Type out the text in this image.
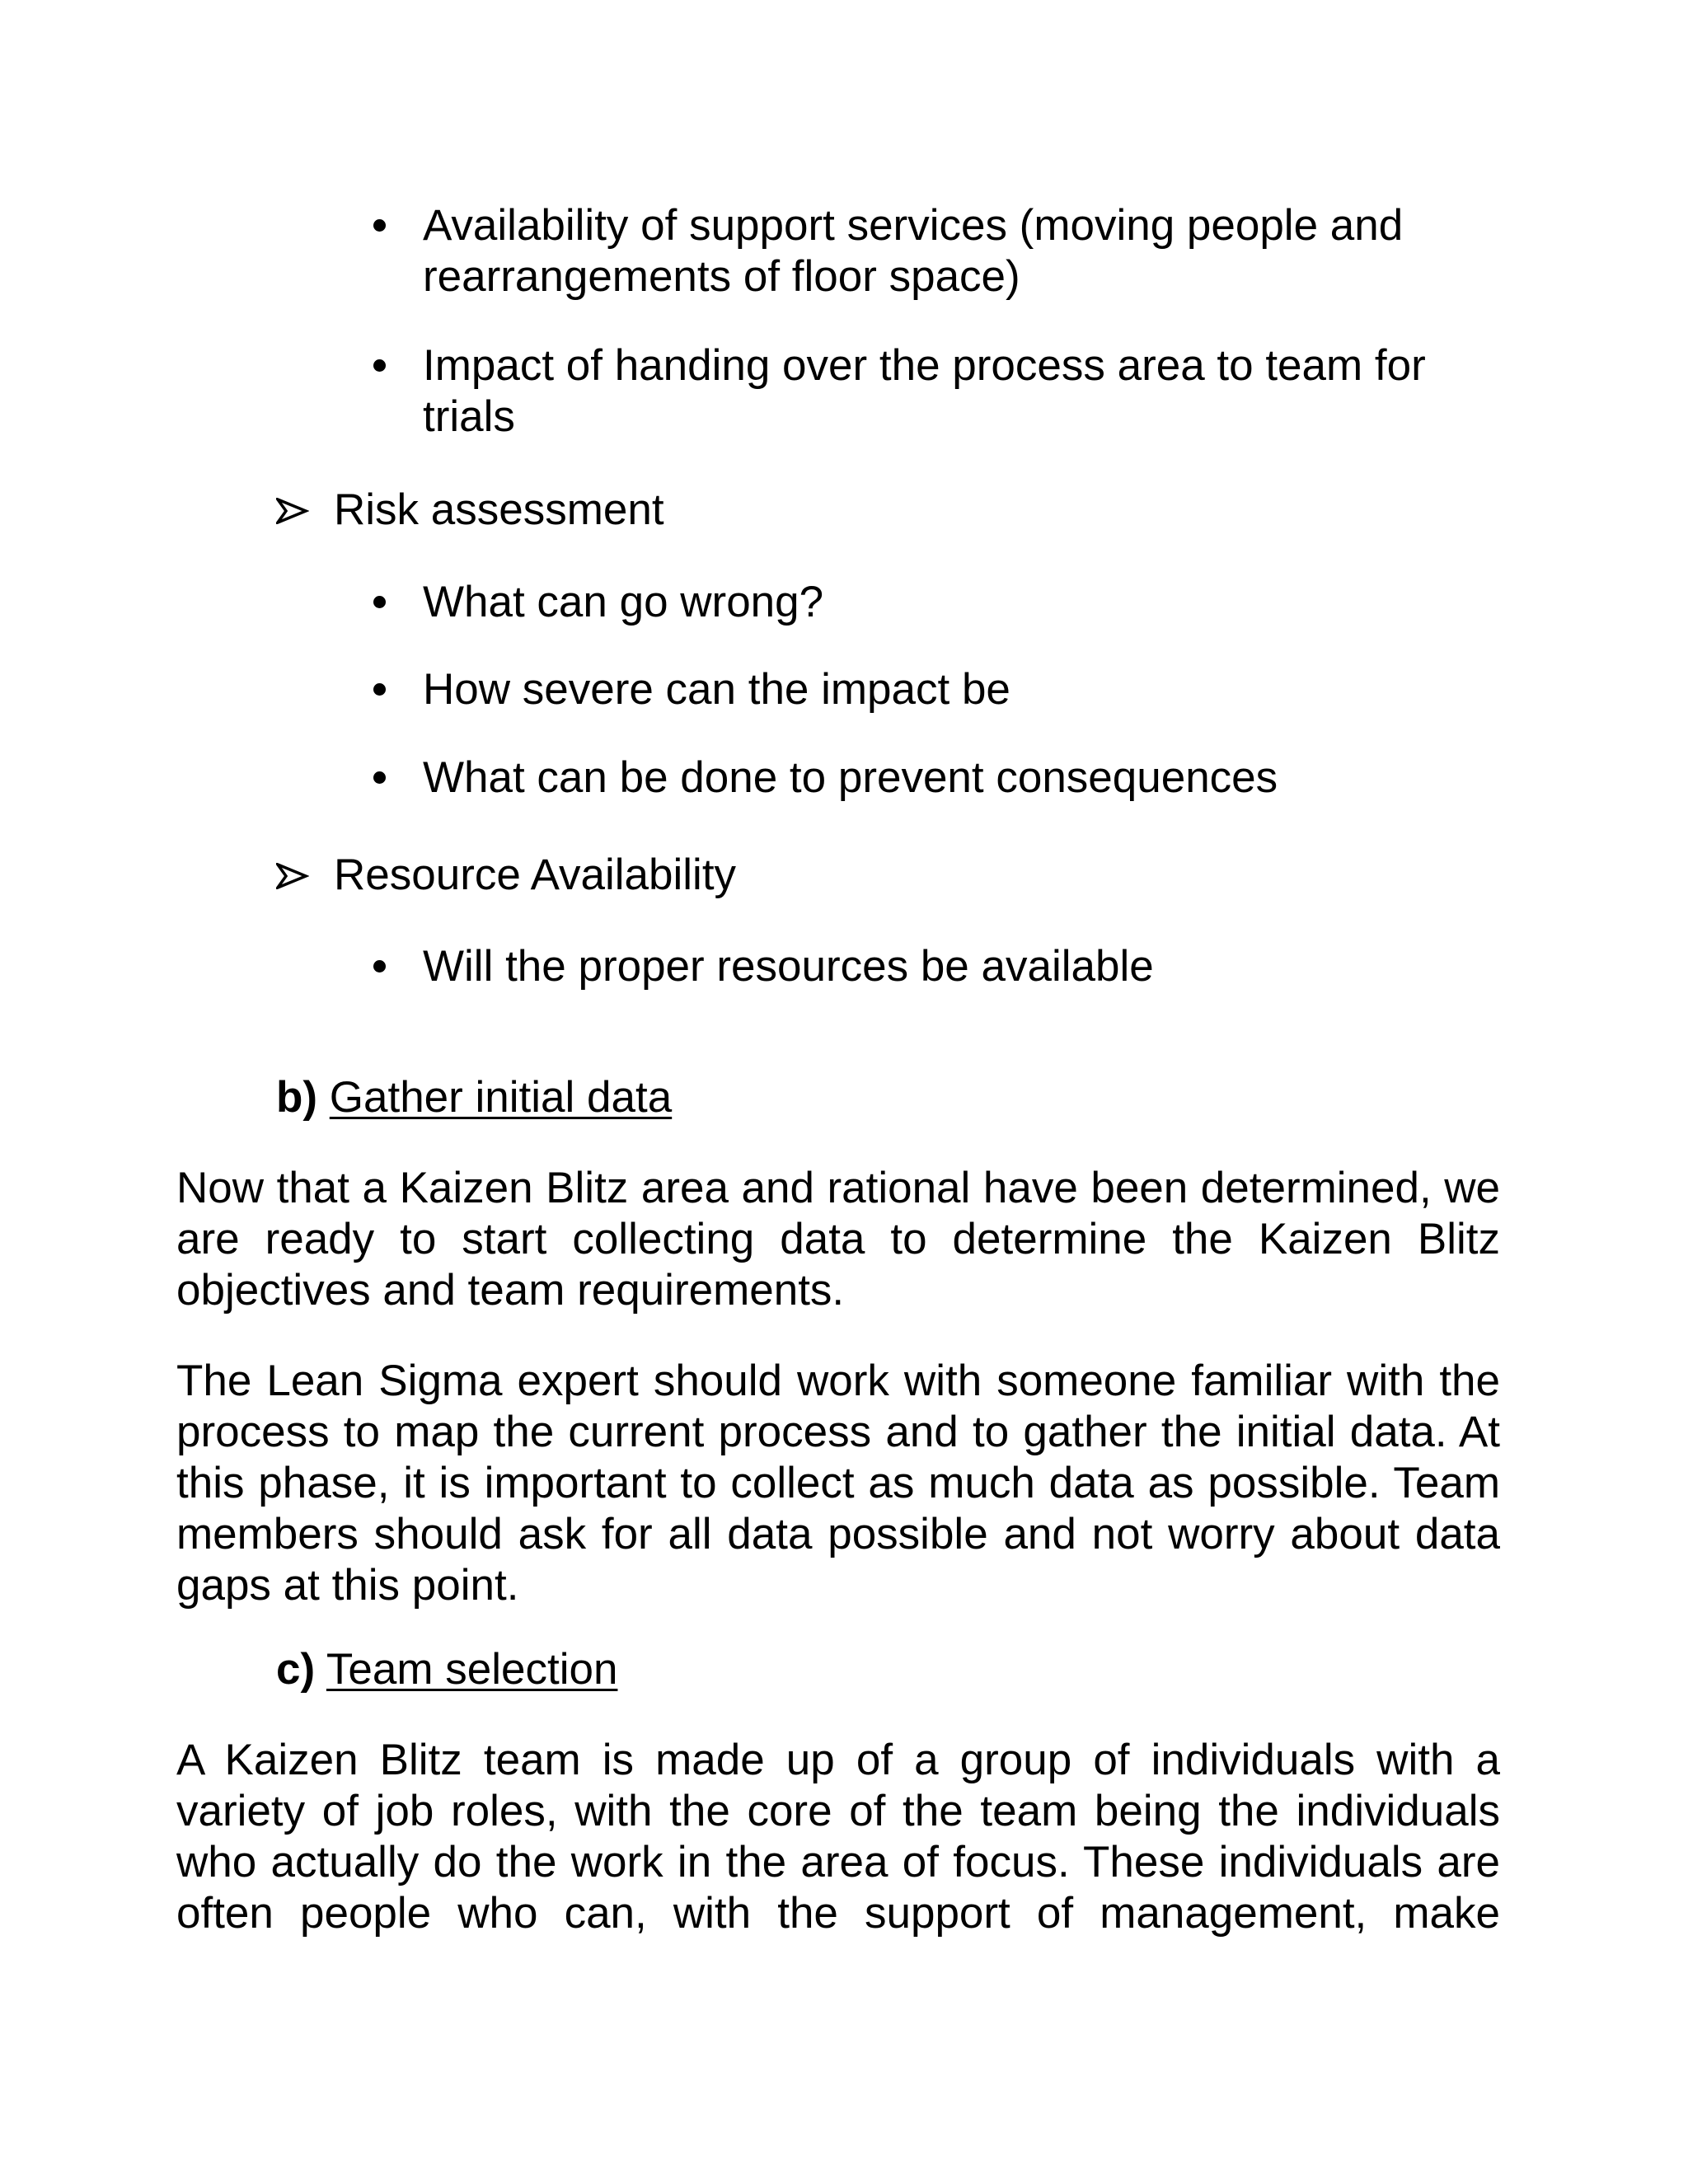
Availability of support services (moving people and rearrangements of floor space)
Impact of handing over the process area to team for trials
Risk assessment
What can go wrong?
How severe can the impact be
What can be done to prevent consequences
Resource Availability
Will the proper resources be available
b) Gather initial data
Now that a Kaizen Blitz area and rational have been determined, we are ready to start collecting data to determine the Kaizen Blitz objectives and team requirements.
The Lean Sigma expert should work with someone familiar with the process to map the current process and to gather the initial data. At this phase, it is important to collect as much data as possible. Team members should ask for all data possible and not worry about data gaps at this point.
c) Team selection
A Kaizen Blitz team is made up of a group of individuals with a variety of job roles, with the core of the team being the individuals who actually do the work in the area of focus. These individuals are often people who can, with the support of management, make
